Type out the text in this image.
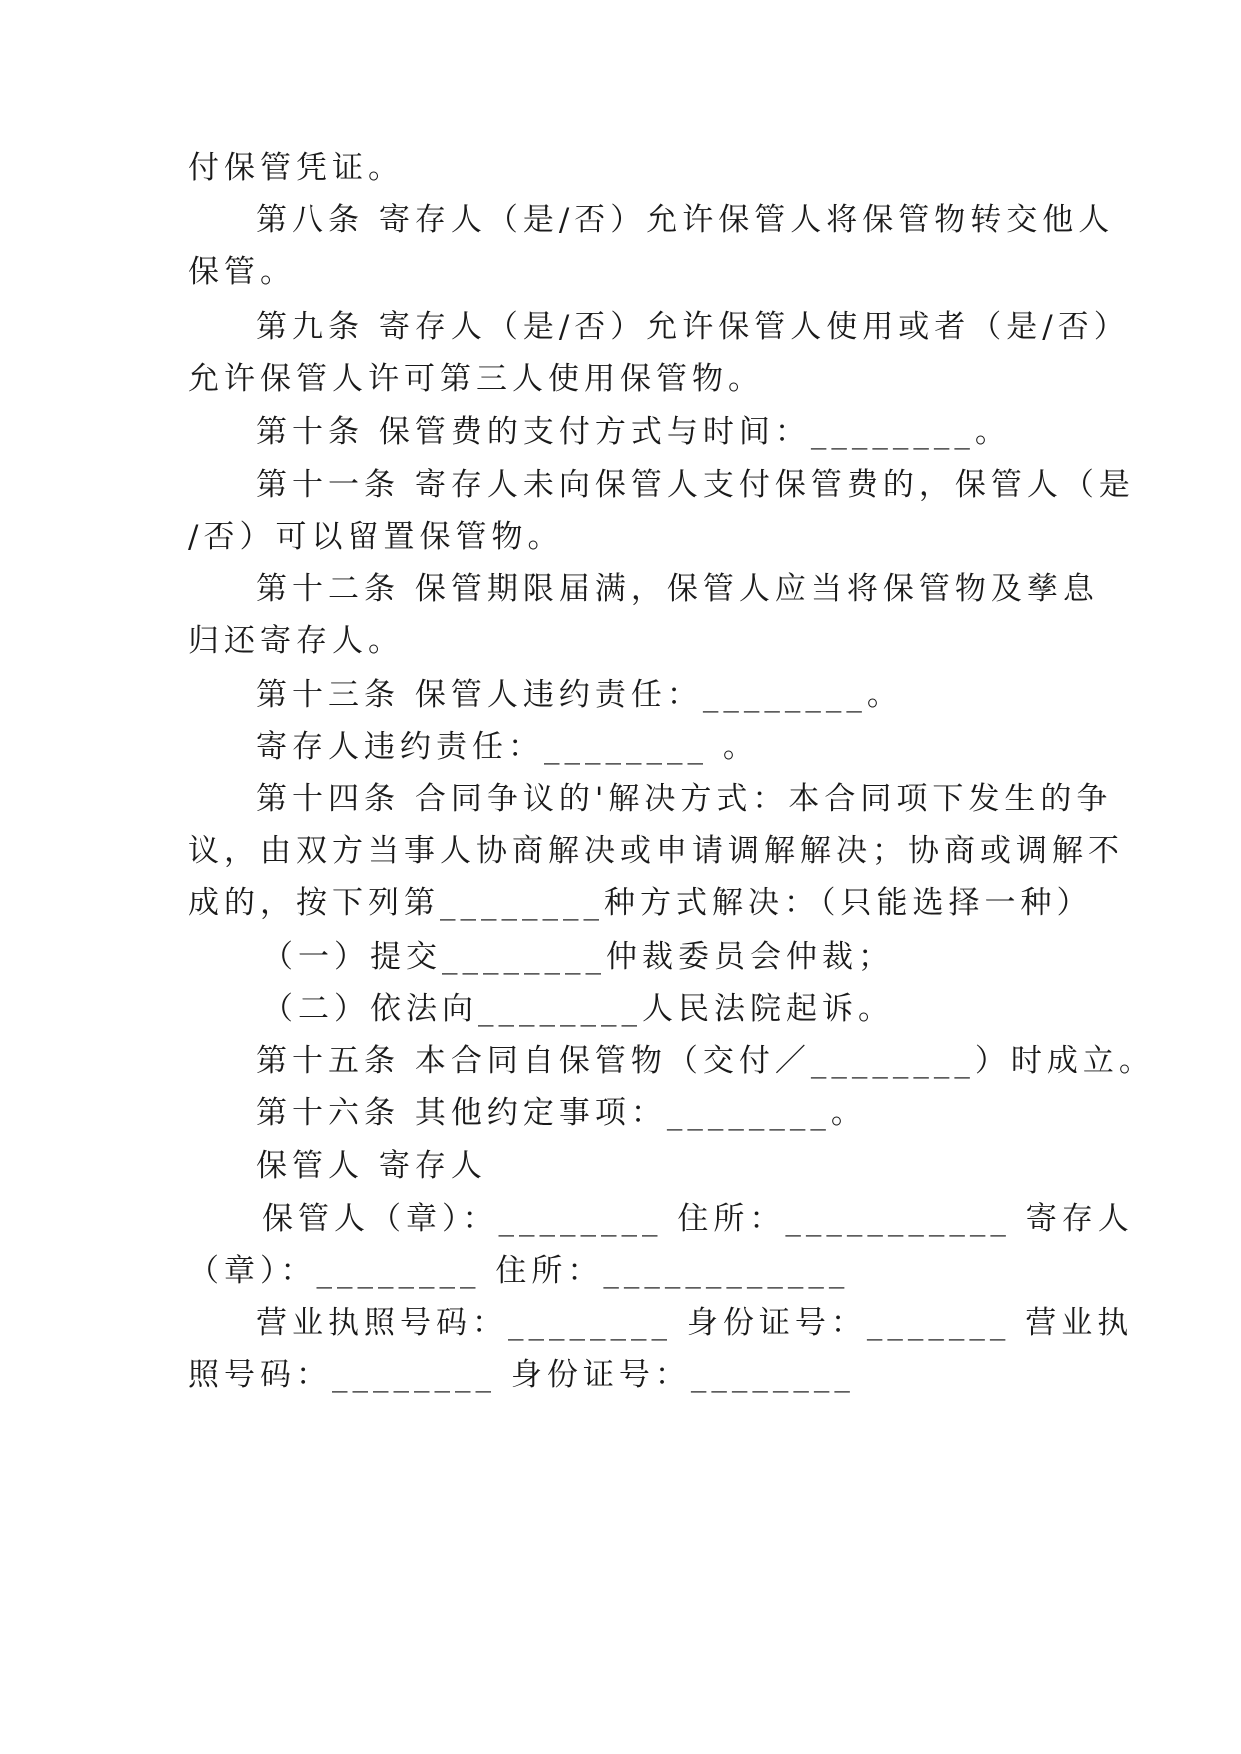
付保管凭证。
第八条 寄存人（是/否）允许保管人将保管物转交他人
保管。
第九条 寄存人（是/否）允许保管人使用或者（是/否）
允许保管人许可第三人使用保管物。
第十条 保管费的支付方式与时间：________。
第十一条 寄存人未向保管人支付保管费的，保管人（是
/否）可以留置保管物。
第十二条 保管期限届满，保管人应当将保管物及孳息
归还寄存人。
第十三条 保管人违约责任：________。
寄存人违约责任：________ 。
第十四条 合同争议的'解决方式：本合同项下发生的争
议，由双方当事人协商解决或申请调解解决；协商或调解不
成的，按下列第________种方式解决：（只能选择一种）
（一）提交________仲裁委员会仲裁；
（二）依法向________人民法院起诉。
第十五条 本合同自保管物（交付／________）时成立。
第十六条 其他约定事项：________。
保管人 寄存人
保管人（章）：________ 住所：___________ 寄存人
（章）：________ 住所：____________
营业执照号码：________ 身份证号：_______ 营业执
照号码：________ 身份证号：________
